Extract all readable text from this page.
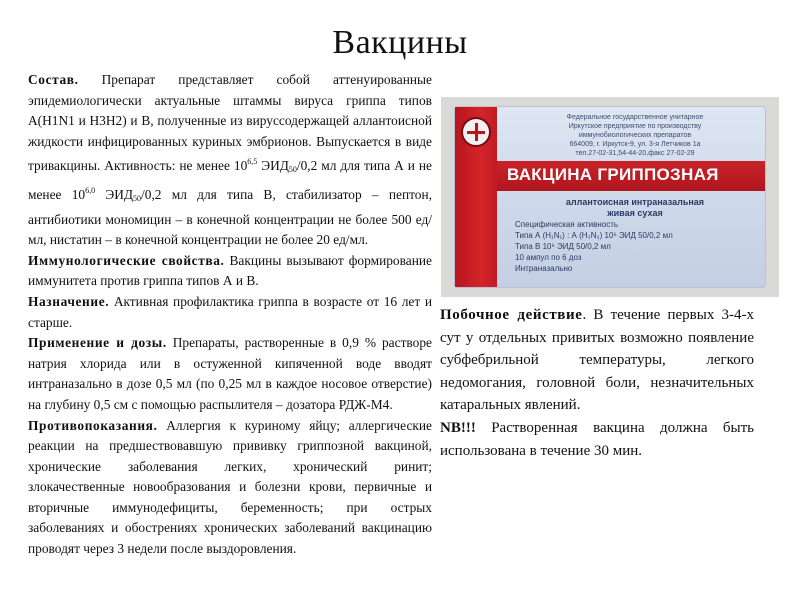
Вакцины

Состав. Препарат представляет собой аттенуированные эпидемиологически актуальные штаммы вируса гриппа типов А(Н1N1 и Н3Н2) и В, полученные из вируссодержащей аллантоисной жидкости инфицированных куриных эмбрионов. Выпускается в виде тривакцины. Активность: не менее 10$^{6,5}$ $ЭИД_{50}/0,2$ мл для типа А и не менее 10$^{6,0}$ $ЭИД_{50}/0,2$ мл для типа В, стабилизатор – пептон, антибиотики мономицин – в конечной концентрации не более 500 ед/мл, нистатин – в конечной концентрации не более 20 ед/мл.

Иммунологические свойства. Вакцины вызывают формирование иммунитета против гриппа типов А и В.

Назначение. Активная профилактика гриппа в возрасте от 16 лет и старше.

Применение и дозы. Препараты, растворенные в 0,9 % растворе натрия хлорида или в остуженной кипяченной воде вводят интраназально в дозе 0,5 мл (по 0,25 мл в каждое носовое отверстие) на глубину 0,5 см с помощью распылителя – дозатора РДЖ-М4.

Противопоказания. Аллергия к куриному яйцу; аллергические реакции на предшествовавшую прививку гриппозной вакциной, хронические заболевания легких, хронический ринит; злокачественные новообразования и болезни крови, первичные и вторичные иммунодефициты, беременность; при острых заболеваниях и обострениях хронических заболеваний вакцинацию проводят через 3 недели после выздоровления.

Федеральное государственное унитарное
Иркутское предприятие по производству
иммунобиологических препаратов
664009, г. Иркутск-9, ул. 3-я Летчиков 1а
тел.27-02-31,54-44-20,факс 27-02-29
ВАКЦИНА ГРИППОЗНАЯ
аллантоисная интраназальная
живая сухая
Специфическая активность
Типа А (Н₁N₁) : А (Н₃N₂) 10⁶ ЭИД 50/0,2 мл
Типа В 10⁶ ЭИД 50/0,2 мл
10 ампул по 6 доз
Интраназально

Побочное действие. В течение первых 3-4-х сут у отдельных привитых возможно появление субфебрильной температуры, легкого недомогания, головной боли, незначительных катаральных явлений.

NB!!! Растворенная вакцина должна быть использована в течение 30 мин.
